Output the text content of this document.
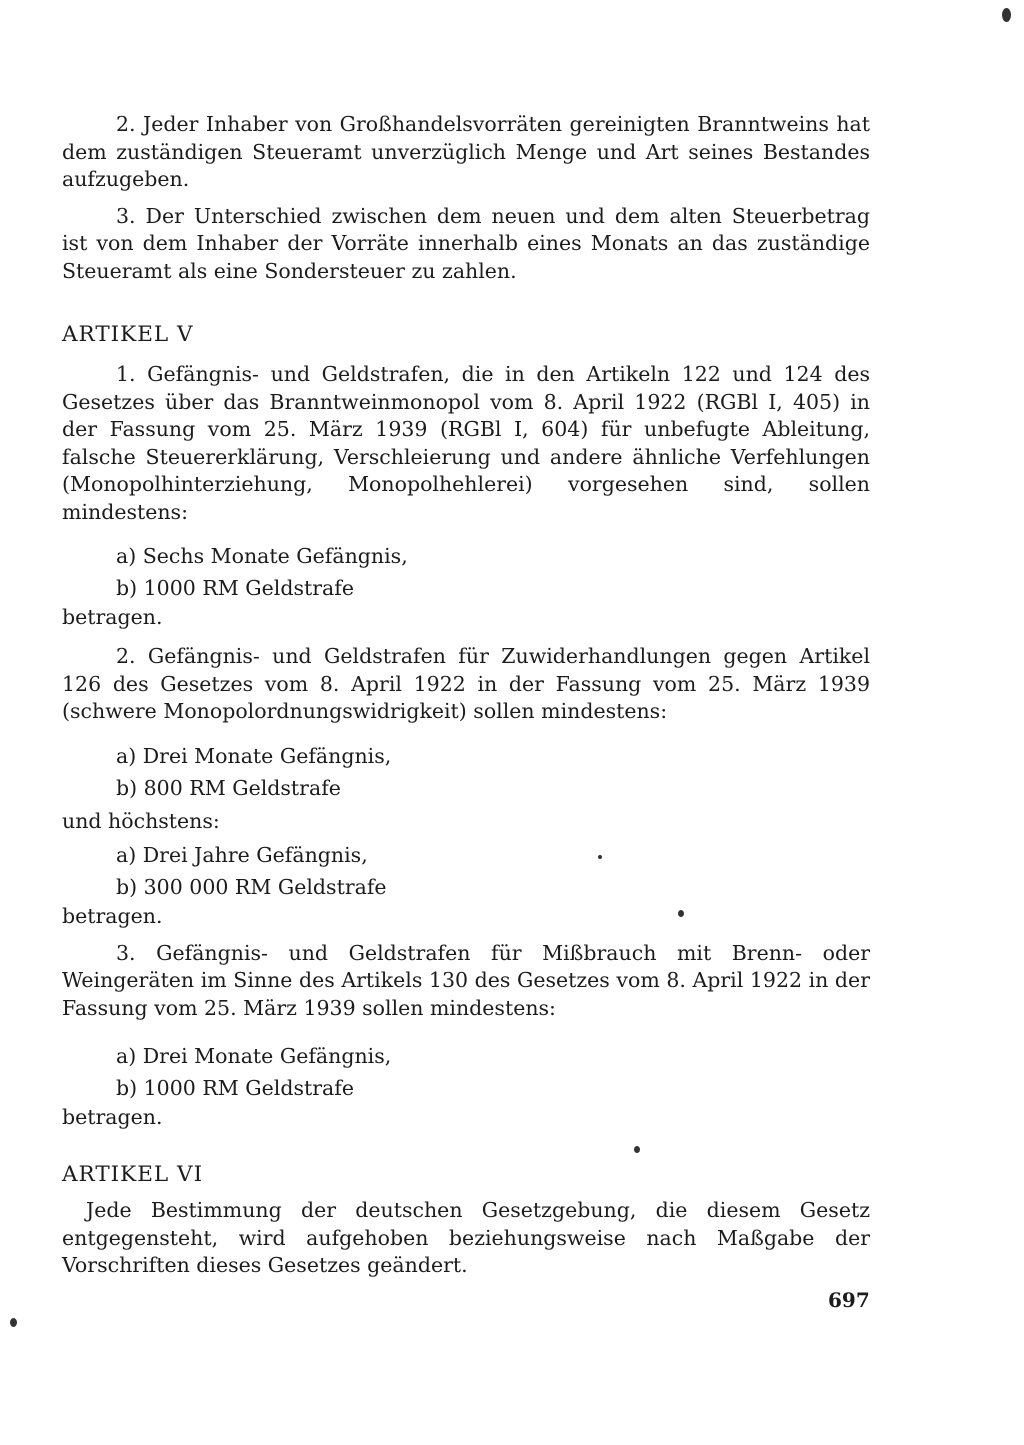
2. Jeder Inhaber von Großhandelsvorräten gereinigten Branntweins hat dem zuständigen Steueramt unverzüglich Menge und Art seines Bestandes aufzugeben.

3. Der Unterschied zwischen dem neuen und dem alten Steuerbetrag ist von dem Inhaber der Vorräte innerhalb eines Monats an das zuständige Steueramt als eine Sondersteuer zu zahlen.

ARTIKEL V

1. Gefängnis- und Geldstrafen, die in den Artikeln 122 und 124 des Gesetzes über das Branntweinmonopol vom 8. April 1922 (RGBl I, 405) in der Fassung vom 25. März 1939 (RGBl I, 604) für unbefugte Ableitung, falsche Steuererklärung, Verschleierung und andere ähnliche Verfehlungen (Monopolhinterziehung, Monopolhehlerei) vorgesehen sind, sollen mindestens:

a) Sechs Monate Gefängnis,
b) 1000 RM Geldstrafe

betragen.

2. Gefängnis- und Geldstrafen für Zuwiderhandlungen gegen Artikel 126 des Gesetzes vom 8. April 1922 in der Fassung vom 25. März 1939 (schwere Monopolordnungswidrigkeit) sollen mindestens:

a) Drei Monate Gefängnis,
b) 800 RM Geldstrafe

und höchstens:

a) Drei Jahre Gefängnis,
b) 300 000 RM Geldstrafe

betragen.

3. Gefängnis- und Geldstrafen für Mißbrauch mit Brenn- oder Weingeräten im Sinne des Artikels 130 des Gesetzes vom 8. April 1922 in der Fassung vom 25. März 1939 sollen mindestens:

a) Drei Monate Gefängnis,
b) 1000 RM Geldstrafe

betragen.

ARTIKEL VI

Jede Bestimmung der deutschen Gesetzgebung, die diesem Gesetz entgegensteht, wird aufgehoben beziehungsweise nach Maßgabe der Vorschriften dieses Gesetzes geändert.

697
